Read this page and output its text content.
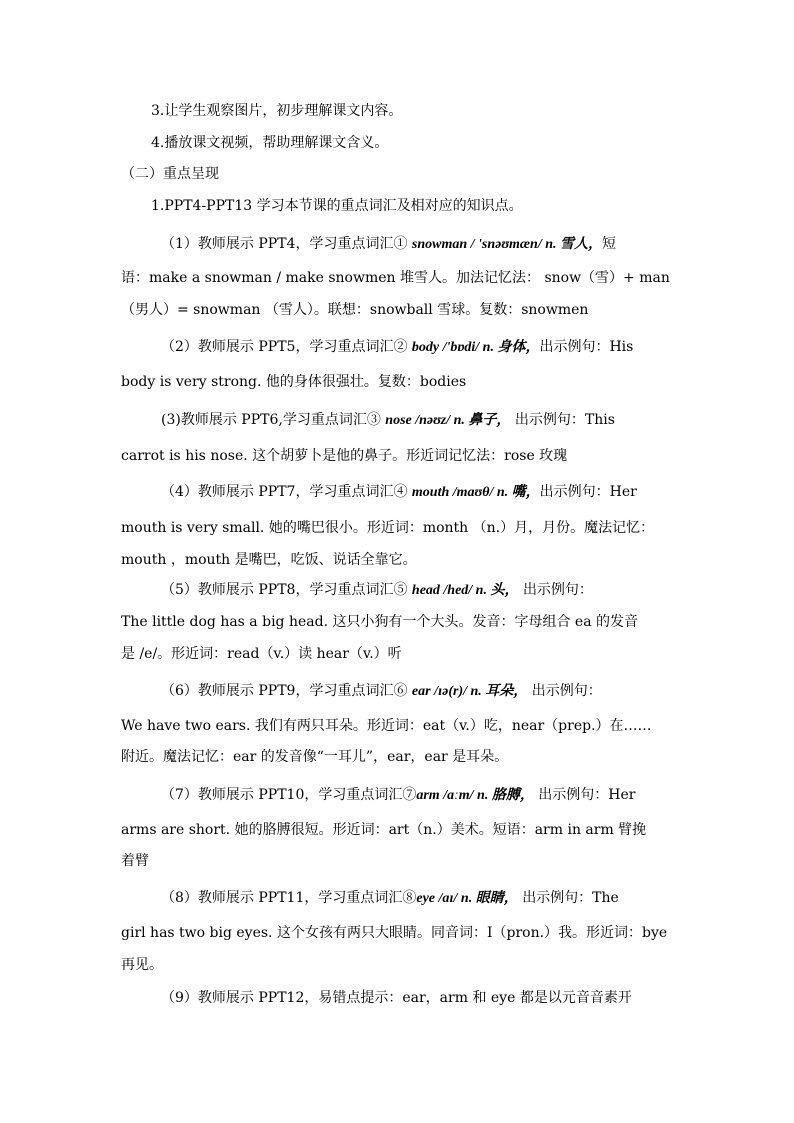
3.让学生观察图片，初步理解课文内容。
4.播放课文视频，帮助理解课文含义。
（二）重点呈现
1.PPT4-PPT13 学习本节课的重点词汇及相对应的知识点。
（1）教师展示 PPT4，学习重点词汇① snowman / 'snəʊmæn/ n. 雪人，短
语：make a snowman / make snowmen 堆雪人。加法记忆法： snow（雪）+ man
（男人）= snowman （雪人）。联想：snowball 雪球。复数：snowmen
（2）教师展示 PPT5，学习重点词汇② body /'bɒdi/ n. 身体，出示例句：His
body is very strong. 他的身体很强壮。复数：bodies
(3)教师展示 PPT6,学习重点词汇③ nose /nəʊz/ n. 鼻子， 出示例句：This
carrot is his nose. 这个胡萝卜是他的鼻子。形近词记忆法：rose 玫瑰
（4）教师展示 PPT7，学习重点词汇④ mouth /maʊθ/ n. 嘴，出示例句：Her
mouth is very small. 她的嘴巴很小。形近词：month （n.）月，月份。魔法记忆：
mouth ，mouth 是嘴巴，吃饭、说话全靠它。
（5）教师展示 PPT8，学习重点词汇⑤ head /hed/ n. 头， 出示例句：
The little dog has a big head. 这只小狗有一个大头。发音：字母组合 ea 的发音
是 /e/。形近词：read（v.）读 hear（v.）听
（6）教师展示 PPT9，学习重点词汇⑥ ear /ɪə(r)/ n. 耳朵， 出示例句：
We have two ears. 我们有两只耳朵。形近词：eat（v.）吃，near（prep.）在……
附近。魔法记忆：ear 的发音像“一耳儿”，ear，ear 是耳朵。
（7）教师展示 PPT10，学习重点词汇⑦arm /ɑːm/ n. 胳膊， 出示例句：Her
arms are short. 她的胳膊很短。形近词：art（n.）美术。短语：arm in arm 臂挽
着臂
（8）教师展示 PPT11，学习重点词汇⑧eye /aɪ/ n. 眼睛， 出示例句：The
girl has two big eyes. 这个女孩有两只大眼睛。同音词：I（pron.）我。形近词：bye
再见。
（9）教师展示 PPT12，易错点提示：ear，arm 和 eye 都是以元音音素开
